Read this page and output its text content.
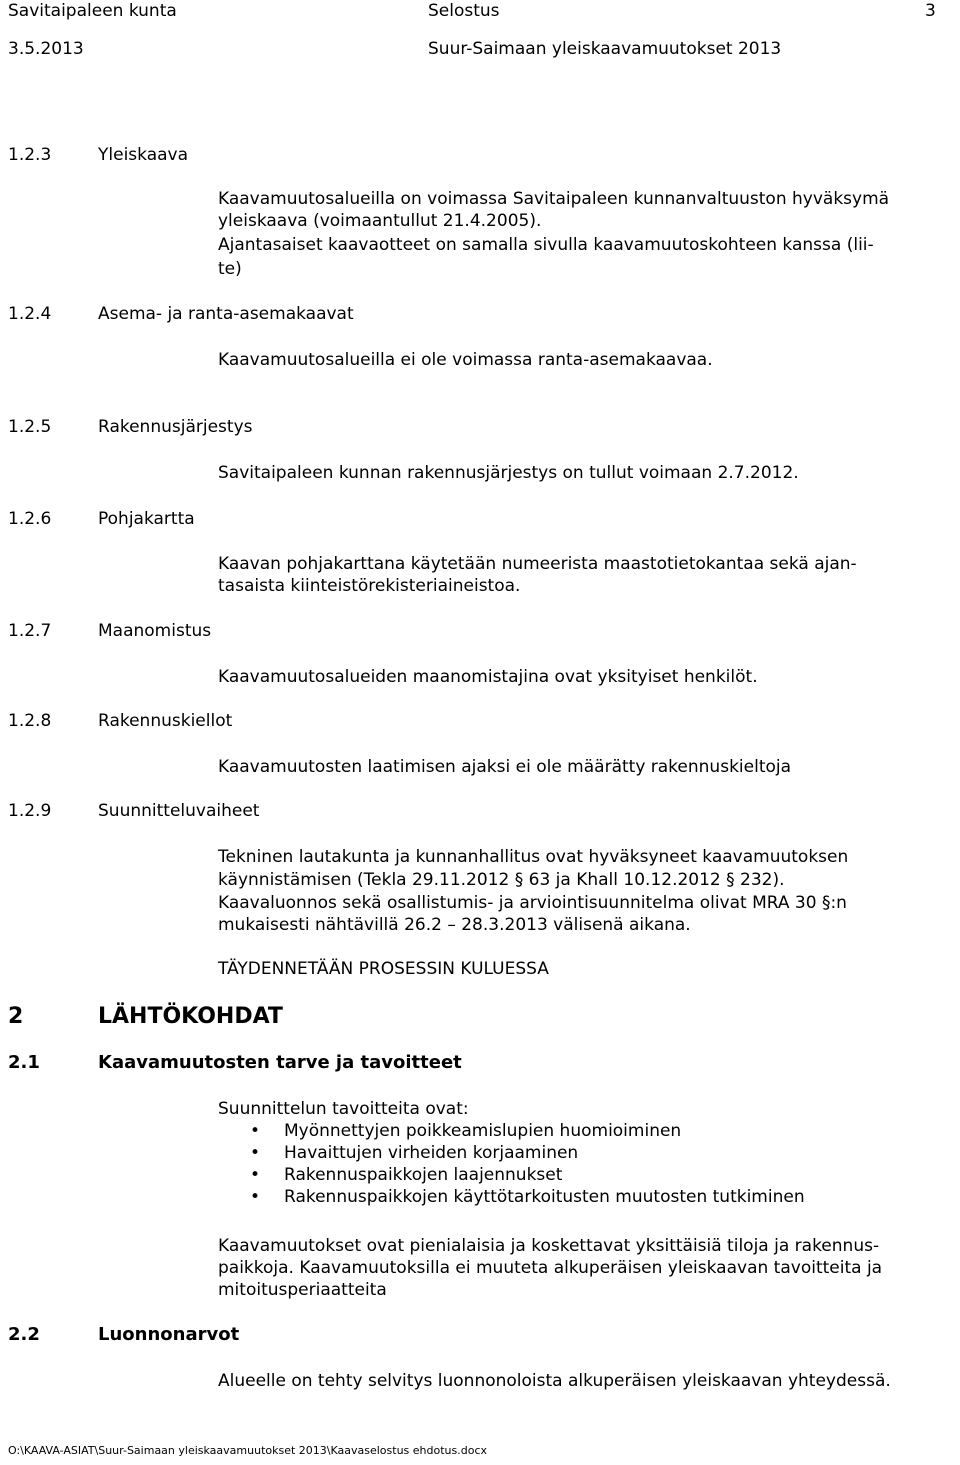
Savitaipaleen kunta	Selostus	3
3.5.2013	Suur-Saimaan yleiskaavamuutokset 2013
1.2.3	Yleiskaava
Kaavamuutosalueilla on voimassa Savitaipaleen kunnanvaltuuston hyväksymä
yleiskaava (voimaantullut 21.4.2005).
Ajantasaiset kaavaotteet on samalla sivulla kaavamuutoskohteen kanssa (lii-
te)
1.2.4	Asema- ja ranta-asemakaavat
Kaavamuutosalueilla ei ole voimassa ranta-asemakaavaa.
1.2.5	Rakennusjärjestys
Savitaipaleen kunnan rakennusjärjestys on tullut voimaan 2.7.2012.
1.2.6	Pohjakartta
Kaavan pohjakarttana käytetään numeerista maastotietokantaa sekä ajan-
tasaista kiinteistörekisteriaineistoa.
1.2.7	Maanomistus
Kaavamuutosalueiden maanomistajina ovat yksityiset henkilöt.
1.2.8	Rakennuskiellot
Kaavamuutosten laatimisen ajaksi ei ole määrätty rakennuskieltoja
1.2.9	Suunnitteluvaiheet
Tekninen lautakunta ja kunnanhallitus ovat hyväksyneet kaavamuutoksen
käynnistämisen (Tekla 29.11.2012 § 63 ja Khall 10.12.2012 § 232).
Kaavaluonnos sekä osallistumis- ja arviointisuunnitelma olivat MRA 30 §:n
mukaisesti nähtävillä 26.2 – 28.3.2013 välisenä aikana.
TÄYDENNETÄÄN PROSESSIN KULUESSA
2	LÄHTÖKOHDAT
2.1	Kaavamuutosten tarve ja tavoitteet
Suunnittelun tavoitteita ovat:
• Myönnettyjen poikkeamislupien huomioiminen
• Havaittujen virheiden korjaaminen
• Rakennuspaikkojen laajennukset
• Rakennuspaikkojen käyttötarkoitusten muutosten tutkiminen
Kaavamuutokset ovat pienialaisia ja koskettavat yksittäisiä tiloja ja rakennus-
paikkoja. Kaavamuutoksilla ei muuteta alkuperäisen yleiskaavan tavoitteita ja
mitoitusperiaatteita
2.2	Luonnonarvot
Alueelle on tehty selvitys luonnonoloista alkuperäisen yleiskaavan yhteydessä.
O:\KAAVA-ASIAT\Suur-Saimaan yleiskaavamuutokset 2013\Kaavaselostus ehdotus.docx
